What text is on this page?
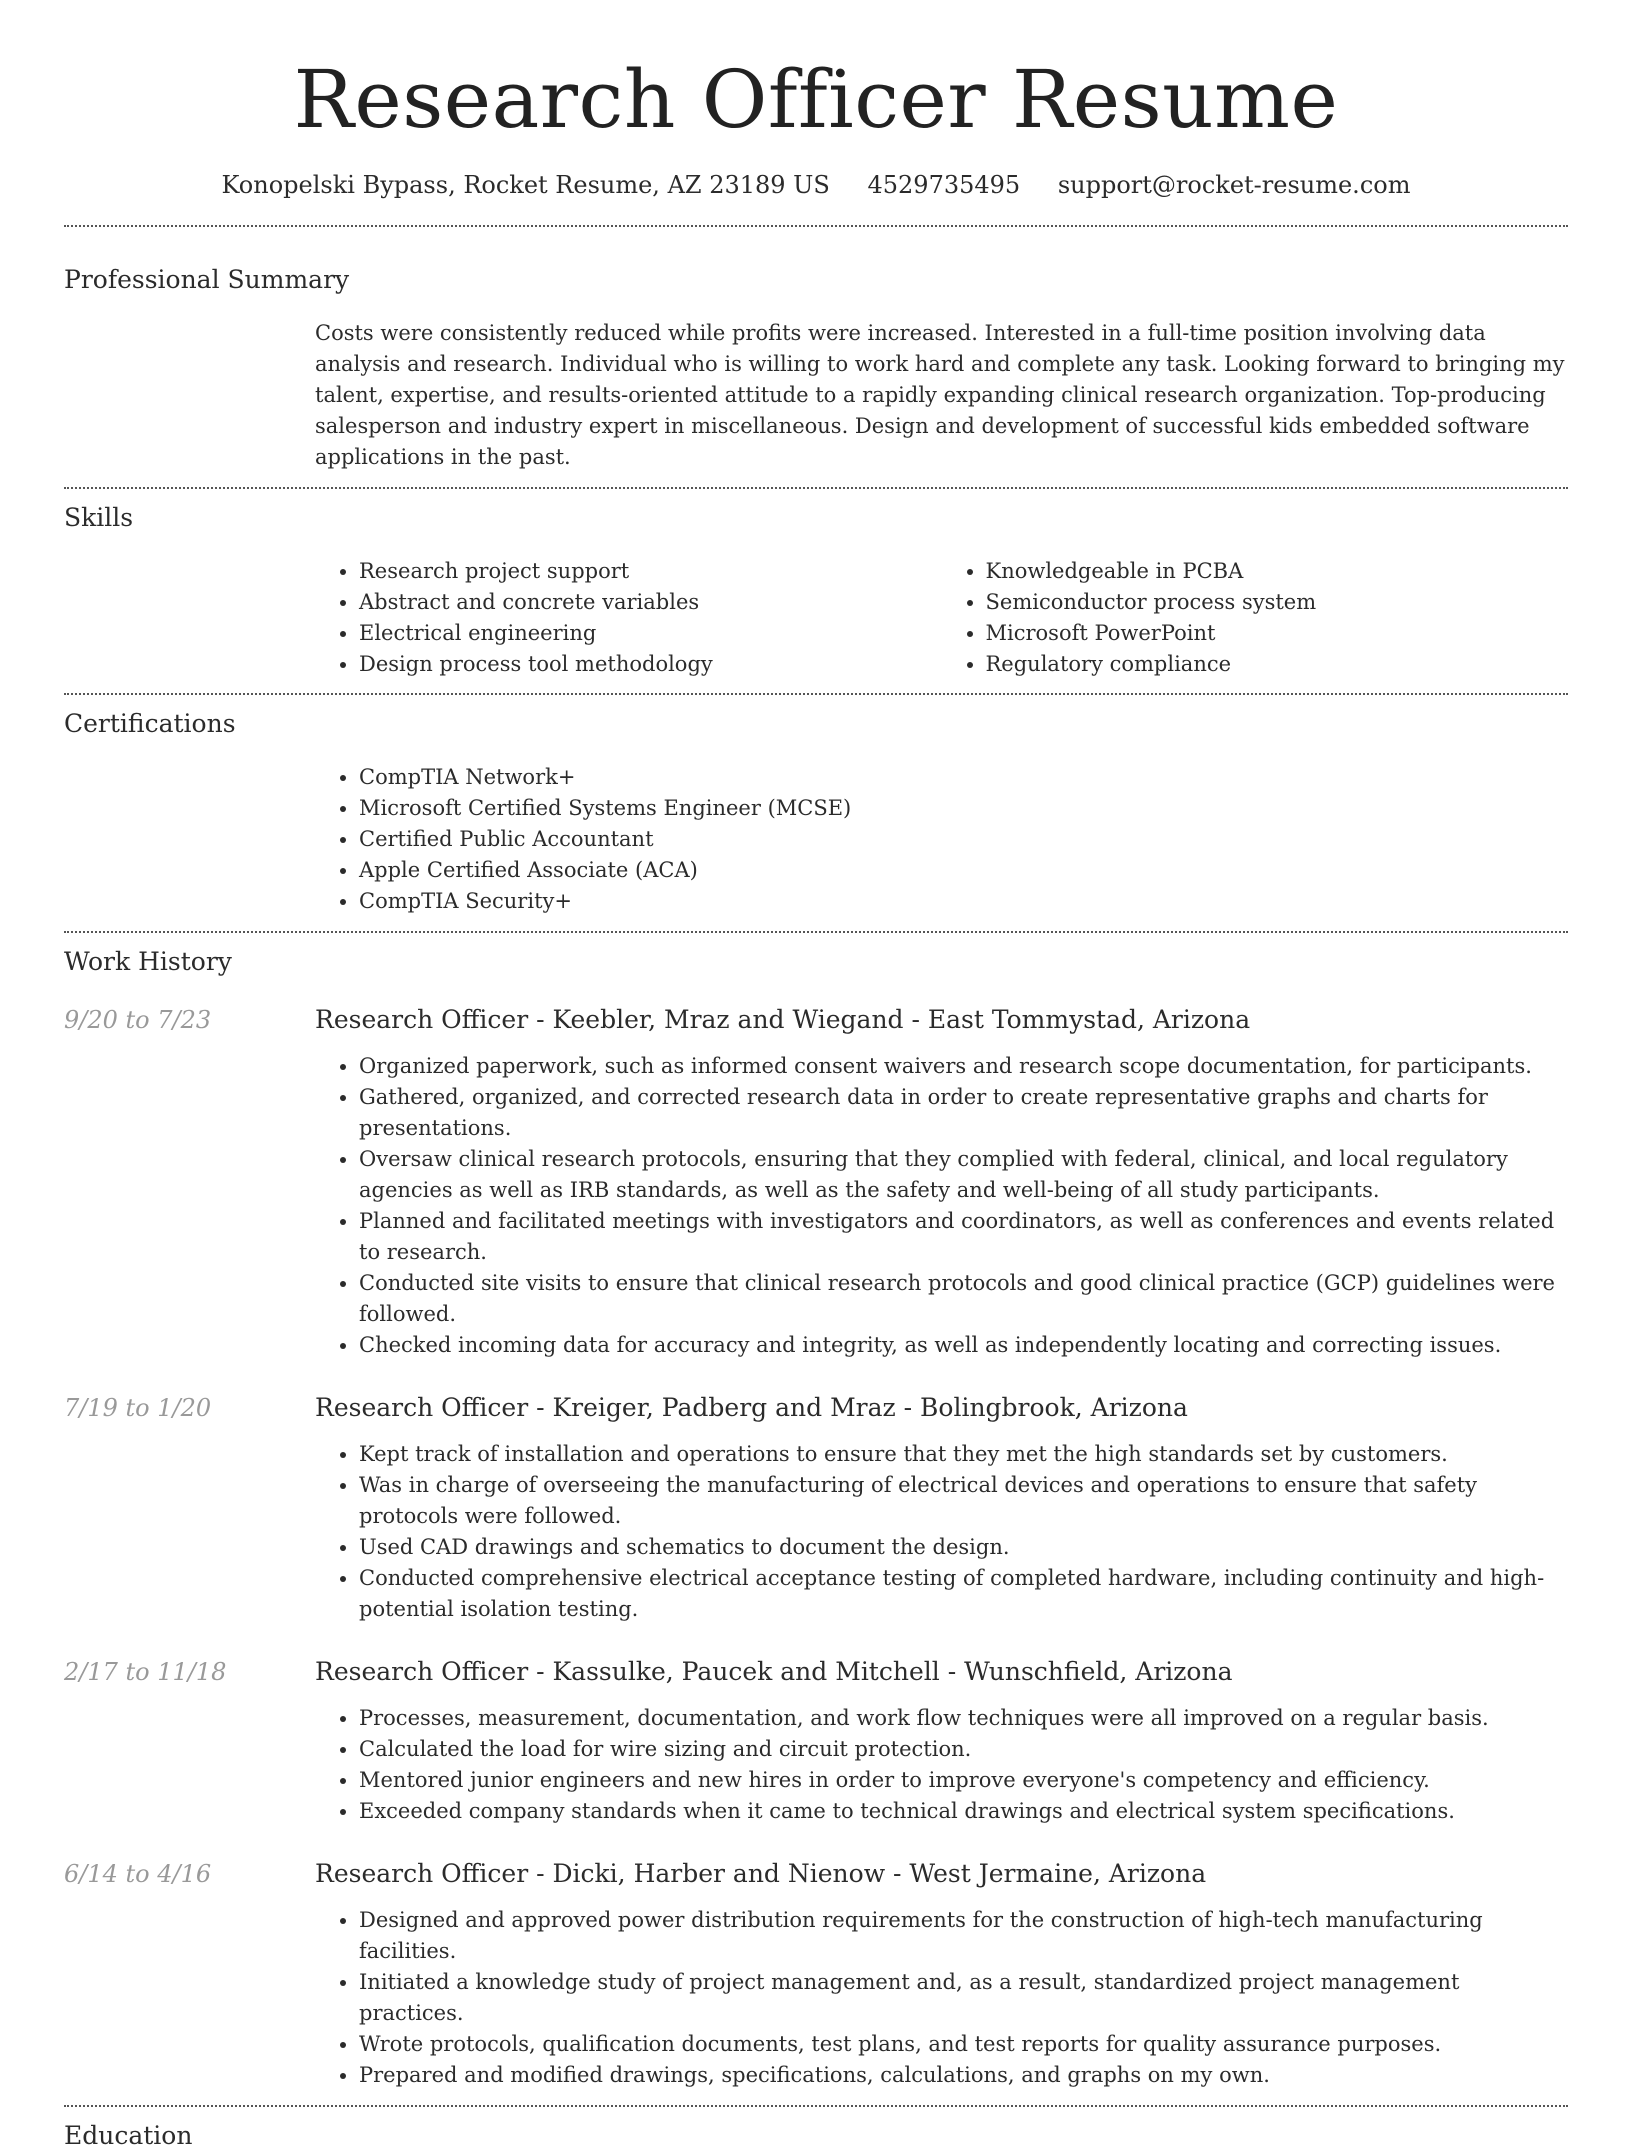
Research Officer Resume
Konopelski Bypass, Rocket Resume, AZ 23189 US 4529735495 support@rocket-resume.com
Professional Summary

Costs were consistently reduced while profits were increased. Interested in a full-time position involving data analysis and research. Individual who is willing to work hard and complete any task. Looking forward to bringing my talent, expertise, and results-oriented attitude to a rapidly expanding clinical research organization. Top-producing salesperson and industry expert in miscellaneous. Design and development of successful kids embedded software applications in the past.

Skills
• Research project support
• Abstract and concrete variables
• Electrical engineering
• Design process tool methodology
• Knowledgeable in PCBA
• Semiconductor process system
• Microsoft PowerPoint
• Regulatory compliance
Certifications
• CompTIA Network+
• Microsoft Certified Systems Engineer (MCSE)
• Certified Public Accountant
• Apple Certified Associate (ACA)
• CompTIA Security+
Work History
9/20 to 7/23	Research Officer - Keebler, Mraz and Wiegand - East Tommystad, Arizona
• Organized paperwork, such as informed consent waivers and research scope documentation, for participants.
• Gathered, organized, and corrected research data in order to create representative graphs and charts for presentations.
• Oversaw clinical research protocols, ensuring that they complied with federal, clinical, and local regulatory agencies as well as IRB standards, as well as the safety and well-being of all study participants.
• Planned and facilitated meetings with investigators and coordinators, as well as conferences and events related to research.
• Conducted site visits to ensure that clinical research protocols and good clinical practice (GCP) guidelines were followed.
• Checked incoming data for accuracy and integrity, as well as independently locating and correcting issues.
7/19 to 1/20	Research Officer - Kreiger, Padberg and Mraz - Bolingbrook, Arizona
• Kept track of installation and operations to ensure that they met the high standards set by customers.
• Was in charge of overseeing the manufacturing of electrical devices and operations to ensure that safety protocols were followed.
• Used CAD drawings and schematics to document the design.
• Conducted comprehensive electrical acceptance testing of completed hardware, including continuity and high-potential isolation testing.
2/17 to 11/18	Research Officer - Kassulke, Paucek and Mitchell - Wunschfield, Arizona
• Processes, measurement, documentation, and work flow techniques were all improved on a regular basis.
• Calculated the load for wire sizing and circuit protection.
• Mentored junior engineers and new hires in order to improve everyone's competency and efficiency.
• Exceeded company standards when it came to technical drawings and electrical system specifications.
6/14 to 4/16	Research Officer - Dicki, Harber and Nienow - West Jermaine, Arizona
• Designed and approved power distribution requirements for the construction of high-tech manufacturing facilities.
• Initiated a knowledge study of project management and, as a result, standardized project management practices.
• Wrote protocols, qualification documents, test plans, and test reports for quality assurance purposes.
• Prepared and modified drawings, specifications, calculations, and graphs on my own.
Education
